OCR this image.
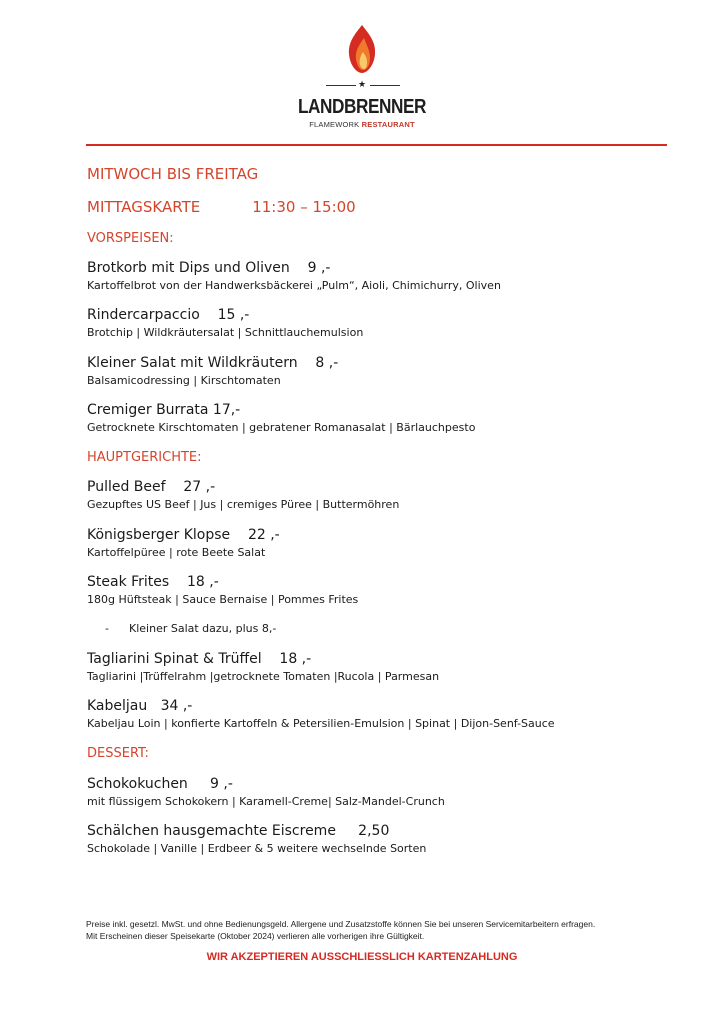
★
LANDBRENNER
FLAMEWORK RESTAURANT
MITWOCH BIS FREITAG
MITTAGSKARTE	11:30 – 15:00
VORSPEISEN:
Brotkorb mit Dips und Oliven    9 ,-
Kartoffelbrot von der Handwerksbäckerei „Pulm“, Aioli, Chimichurry, Oliven
Rindercarpaccio    15 ,-
Brotchip | Wildkräutersalat | Schnittlauchemulsion
Kleiner Salat mit Wildkräutern    8 ,-
Balsamicodressing | Kirschtomaten
Cremiger Burrata 17,-
Getrocknete Kirschtomaten | gebratener Romanasalat | Bärlauchpesto
HAUPTGERICHTE:
Pulled Beef    27 ,-
Gezupftes US Beef | Jus | cremiges Püree | Buttermöhren
Königsberger Klopse    22 ,-
Kartoffelpüree | rote Beete Salat
Steak Frites    18 ,-
180g Hüftsteak | Sauce Bernaise | Pommes Frites
- Kleiner Salat dazu, plus 8,-
Tagliarini Spinat & Trüffel    18 ,-
Tagliarini |Trüffelrahm |getrocknete Tomaten |Rucola | Parmesan
Kabeljau   34 ,-
Kabeljau Loin | konfierte Kartoffeln & Petersilien-Emulsion | Spinat | Dijon-Senf-Sauce
DESSERT:
Schokokuchen     9 ,-
mit flüssigem Schokokern | Karamell-Creme| Salz-Mandel-Crunch
Schälchen hausgemachte Eiscreme     2,50
Schokolade | Vanille | Erdbeer & 5 weitere wechselnde Sorten
Preise inkl. gesetzl. MwSt. und ohne Bedienungsgeld. Allergene und Zusatzstoffe können Sie bei unseren Servicemitarbeitern erfragen.
Mit Erscheinen dieser Speisekarte (Oktober 2024) verlieren alle vorherigen ihre Gültigkeit.
WIR AKZEPTIEREN AUSSCHLIESSLICH KARTENZAHLUNG
